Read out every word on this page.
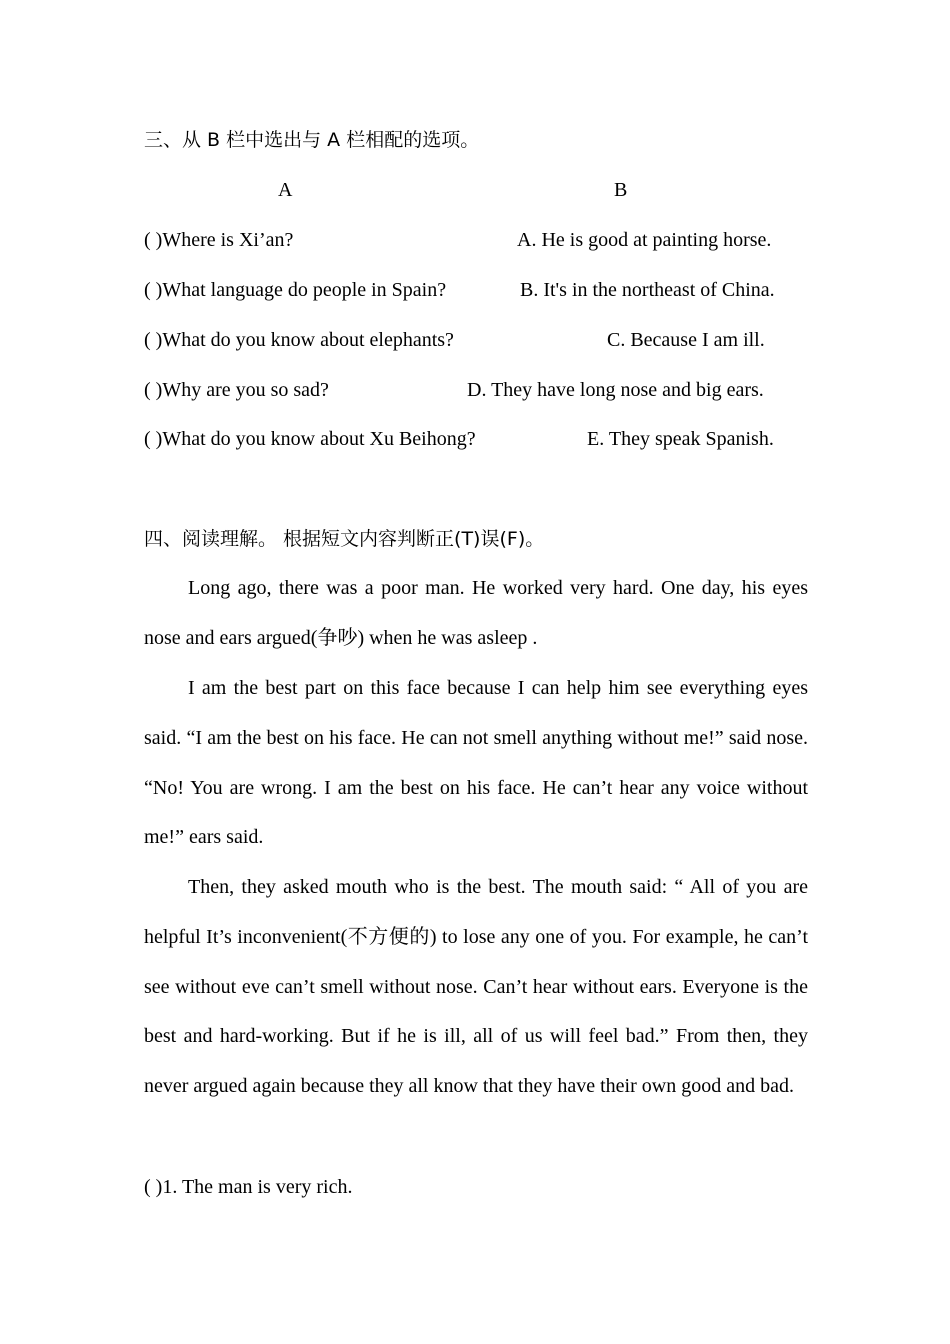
三、从 B 栏中选出与 A 栏相配的选项。
A	B
( )Where is Xi’an?	A. He is good at painting horse.
( )What language do people in Spain?	B. It's in the northeast of China.
( )What do you know about elephants?	C. Because I am ill.
( )Why are you so sad?	D. They have long nose and big ears.
( )What do you know about Xu Beihong?	E. They speak Spanish.
四、阅读理解。 根据短文内容判断正(T)误(F)。
Long ago, there was a poor man. He worked very hard. One day, his eyes nose and ears argued(争吵) when he was asleep .
I am the best part on this face because I can help him see everything eyes said. “I am the best on his face. He can not smell anything without me!” said nose. “No! You are wrong. I am the best on his face. He can’t hear any voice without me!” ears said.
Then, they asked mouth who is the best. The mouth said: “ All of you are helpful It’s inconvenient(不方便的) to lose any one of you. For example, he can’t see without eve can’t smell without nose. Can’t hear without ears. Everyone is the best and hard-working. But if he is ill, all of us will feel bad.” From then, they never argued again because they all know that they have their own good and bad.
( )1. The man is very rich.
